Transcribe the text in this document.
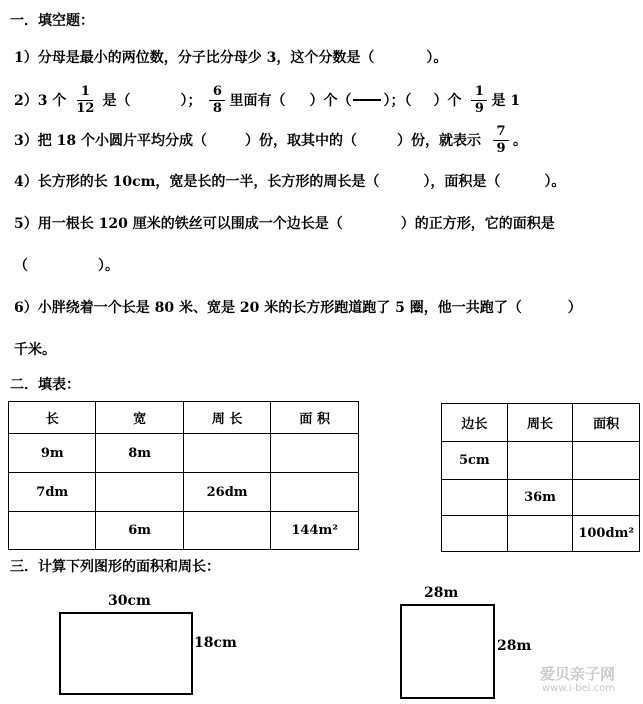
一．填空题：
1）分母是最小的两位数，分子比分母少 3，这个分数是（	）。
2）3 个 $\frac{1}{12}$ 是（	）； $\frac{6}{8}$ 里面有（ ）个（ ）；（ ）个 $\frac{1}{9}$ 是 1
3）把 18 个小圆片平均分成（	）份，取其中的（	）份，就表示 $\frac{7}{9}$ 。
4）长方形的长 10cm，宽是长的一半，长方形的周长是（	），面积是（	）。
5）用一根长 120 厘米的铁丝可以围成一个边长是（	）的正方形，它的面积是
（	）。
6）小胖绕着一个长是 80 米、宽是 20 米的长方形跑道跑了 5 圈，他一共跑了（	）
千米。
二．填表：
长	宽	周 长	面 积
9m	8m		
7dm		26dm	
	6m		144m²
边长	周长	面积
5cm		
	36m	
		100dm²
三．计算下列图形的面积和周长：
30cm
18cm
28m
28m
爱贝亲子网
www.i-bei.com
